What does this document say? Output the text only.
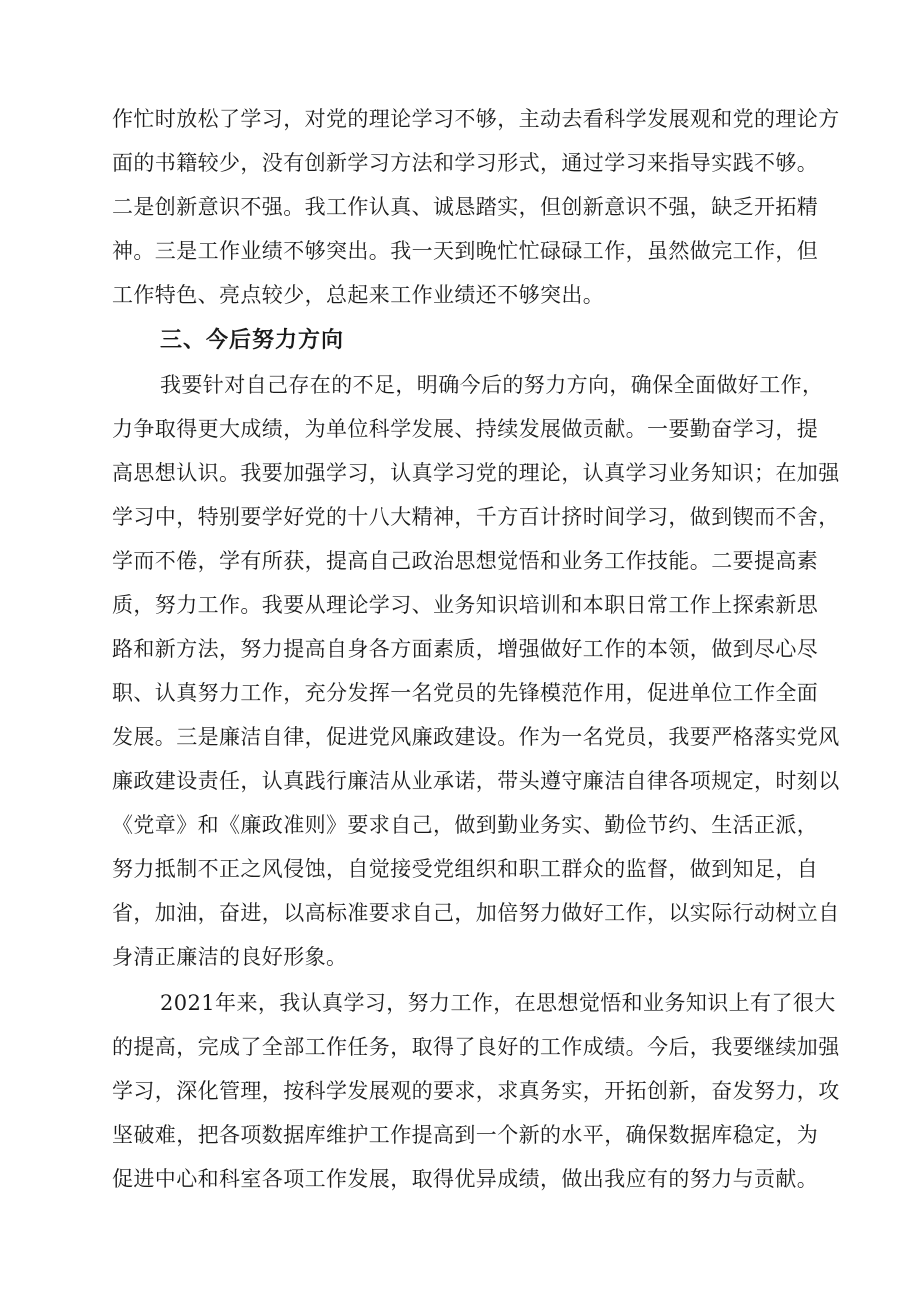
作忙时放松了学习，对党的理论学习不够，主动去看科学发展观和党的理论方
面的书籍较少，没有创新学习方法和学习形式，通过学习来指导实践不够。
二是创新意识不强。我工作认真、诚恳踏实，但创新意识不强，缺乏开拓精
神。三是工作业绩不够突出。我一天到晚忙忙碌碌工作，虽然做完工作，但
工作特色、亮点较少，总起来工作业绩还不够突出。
三、今后努力方向
我要针对自己存在的不足，明确今后的努力方向，确保全面做好工作，
力争取得更大成绩，为单位科学发展、持续发展做贡献。一要勤奋学习，提
高思想认识。我要加强学习，认真学习党的理论，认真学习业务知识；在加强
学习中，特别要学好党的十八大精神，千方百计挤时间学习，做到锲而不舍，
学而不倦，学有所获，提高自己政治思想觉悟和业务工作技能。二要提高素
质，努力工作。我要从理论学习、业务知识培训和本职日常工作上探索新思
路和新方法，努力提高自身各方面素质，增强做好工作的本领，做到尽心尽
职、认真努力工作，充分发挥一名党员的先锋模范作用，促进单位工作全面
发展。三是廉洁自律，促进党风廉政建设。作为一名党员，我要严格落实党风
廉政建设责任，认真践行廉洁从业承诺，带头遵守廉洁自律各项规定，时刻以
《党章》和《廉政准则》要求自己，做到勤业务实、勤俭节约、生活正派，
努力抵制不正之风侵蚀，自觉接受党组织和职工群众的监督，做到知足，自
省，加油，奋进，以高标准要求自己，加倍努力做好工作，以实际行动树立自
身清正廉洁的良好形象。
2021年来，我认真学习，努力工作，在思想觉悟和业务知识上有了很大
的提高，完成了全部工作任务，取得了良好的工作成绩。今后，我要继续加强
学习，深化管理，按科学发展观的要求，求真务实，开拓创新，奋发努力，攻
坚破难，把各项数据库维护工作提高到一个新的水平，确保数据库稳定，为
促进中心和科室各项工作发展，取得优异成绩，做出我应有的努力与贡献。
